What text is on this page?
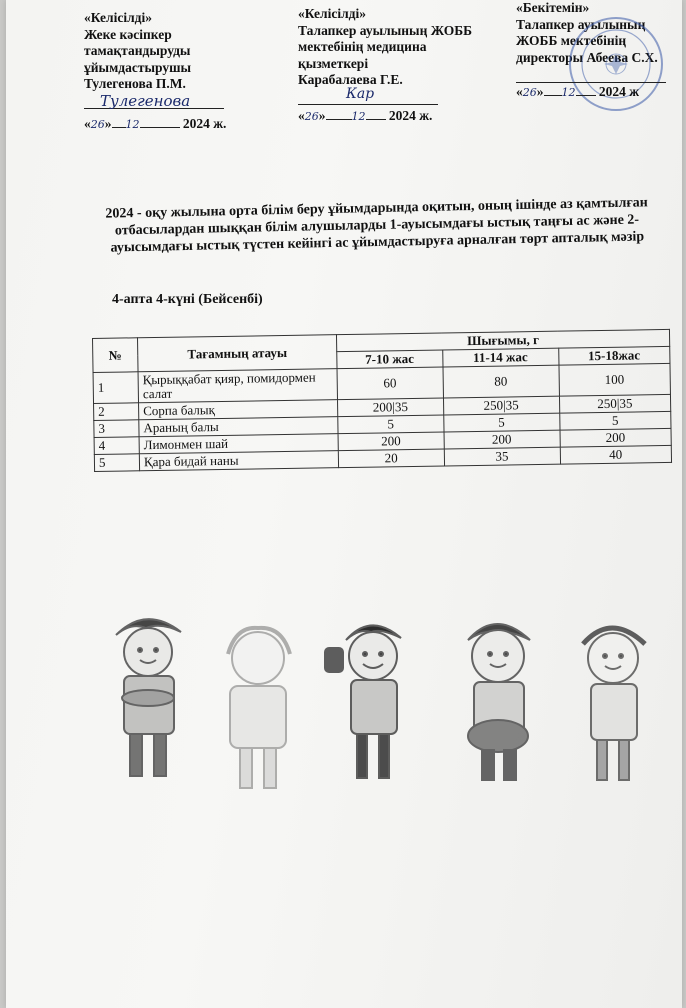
«Келісілді»
Жеке кәсіпкер
тамақтандыруды
ұйымдастырушы
Тулегенова П.М.
Тулегенова
«26» 12	2024 ж.
«Келісілді»
Талапкер ауылының ЖОББ
мектебінің медицина
қызметкері
Карабалаева Г.Е.
Кар
«26» 12 2024 ж.
«Бекітемін»
Талапкер ауылының
ЖОББ мектебінің
директоры Абеева С.Х.
«26» 12 2024 ж
2024 - оқу жылына орта білім беру ұйымдарында оқитын, оның ішінде аз қамтылған отбасылардан шыққан білім алушыларды 1-ауысымдағы ыстық таңғы ас және 2-ауысымдағы ыстық түстен кейінгі ас ұйымдастыруға арналған төрт апталық мәзір
4-апта 4-күні (Бейсенбі)
№	Тағамның атауы	Шығымы, г		
		7-10 жас	11-14 жас	15-18жас
1	Қырыққабат қияр, помидормен салат	60	80	100
2	Сорпа балық	200|35	250|35	250|35
3	Араның балы	5	5	5
4	Лимонмен шай	200	200	200
5	Қара бидай наны	20	35	40
